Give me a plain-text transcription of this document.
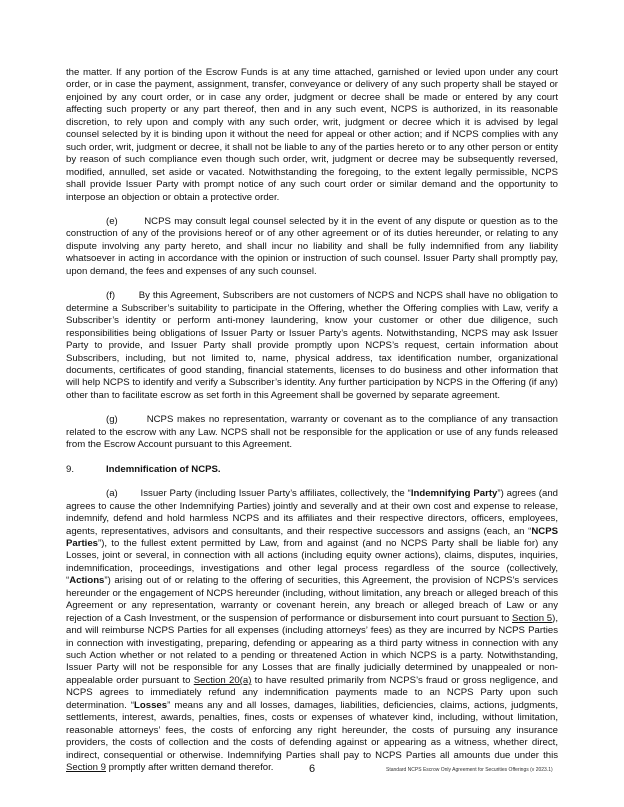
the matter. If any portion of the Escrow Funds is at any time attached, garnished or levied upon under any court order, or in case the payment, assignment, transfer, conveyance or delivery of any such property shall be stayed or enjoined by any court order, or in case any order, judgment or decree shall be made or entered by any court affecting such property or any part thereof, then and in any such event, NCPS is authorized, in its reasonable discretion, to rely upon and comply with any such order, writ, judgment or decree which it is advised by legal counsel selected by it is binding upon it without the need for appeal or other action; and if NCPS complies with any such order, writ, judgment or decree, it shall not be liable to any of the parties hereto or to any other person or entity by reason of such compliance even though such order, writ, judgment or decree may be subsequently reversed, modified, annulled, set aside or vacated. Notwithstanding the foregoing, to the extent legally permissible, NCPS shall provide Issuer Party with prompt notice of any such court order or similar demand and the opportunity to interpose an objection or obtain a protective order.

(e)        NCPS may consult legal counsel selected by it in the event of any dispute or question as to the construction of any of the provisions hereof or of any other agreement or of its duties hereunder, or relating to any dispute involving any party hereto, and shall incur no liability and shall be fully indemnified from any liability whatsoever in acting in accordance with the opinion or instruction of such counsel. Issuer Party shall promptly pay, upon demand, the fees and expenses of any such counsel.

(f)        By this Agreement, Subscribers are not customers of NCPS and NCPS shall have no obligation to determine a Subscriber’s suitability to participate in the Offering, whether the Offering complies with Law, verify a Subscriber’s identity or perform anti-money laundering, know your customer or other due diligence, such responsibilities being obligations of Issuer Party or Issuer Party’s agents. Notwithstanding, NCPS may ask Issuer Party to provide, and Issuer Party shall provide promptly upon NCPS’s request, certain information about Subscribers, including, but not limited to, name, physical address, tax identification number, organizational documents, certificates of good standing, financial statements, licenses to do business and other information that will help NCPS to identify and verify a Subscriber’s identity. Any further participation by NCPS in the Offering (if any) other than to facilitate escrow as set forth in this Agreement shall be governed by separate agreement.

(g)        NCPS makes no representation, warranty or covenant as to the compliance of any transaction related to the escrow with any Law. NCPS shall not be responsible for the application or use of any funds released from the Escrow Account pursuant to this Agreement.

9.	Indemnification of NCPS.

(a)        Issuer Party (including Issuer Party’s affiliates, collectively, the “Indemnifying Party”) agrees (and agrees to cause the other Indemnifying Parties) jointly and severally and at their own cost and expense to release, indemnify, defend and hold harmless NCPS and its affiliates and their respective directors, officers, employees, agents, representatives, advisors and consultants, and their respective successors and assigns (each, an “NCPS Parties”), to the fullest extent permitted by Law, from and against (and no NCPS Party shall be liable for) any Losses, joint or several, in connection with all actions (including equity owner actions), claims, disputes, inquiries, indemnification, proceedings, investigations and other legal process regardless of the source (collectively, “Actions”) arising out of or relating to the offering of securities, this Agreement, the provision of NCPS’s services hereunder or the engagement of NCPS hereunder (including, without limitation, any breach or alleged breach of this Agreement or any representation, warranty or covenant herein, any breach or alleged breach of Law or any rejection of a Cash Investment, or the suspension of performance or disbursement into court pursuant to Section 5), and will reimburse NCPS Parties for all expenses (including attorneys’ fees) as they are incurred by NCPS Parties in connection with investigating, preparing, defending or appearing as a third party witness in connection with any such Action whether or not related to a pending or threatened Action in which NCPS is a party. Notwithstanding, Issuer Party will not be responsible for any Losses that are finally judicially determined by unappealed or non-appealable order pursuant to Section 20(a) to have resulted primarily from NCPS’s fraud or gross negligence, and NCPS agrees to immediately refund any indemnification payments made to an NCPS Party upon such determination. “Losses” means any and all losses, damages, liabilities, deficiencies, claims, actions, judgments, settlements, interest, awards, penalties, fines, costs or expenses of whatever kind, including, without limitation, reasonable attorneys’ fees, the costs of enforcing any right hereunder, the costs of pursuing any insurance providers, the costs of collection and the costs of defending against or appearing as a witness, whether direct, indirect, consequential or otherwise. Indemnifying Parties shall pay to NCPS Parties all amounts due under this Section 9 promptly after written demand therefor.	6	Standard NCPS Escrow Only Agreement for Securities Offerings (v 2023.1)
